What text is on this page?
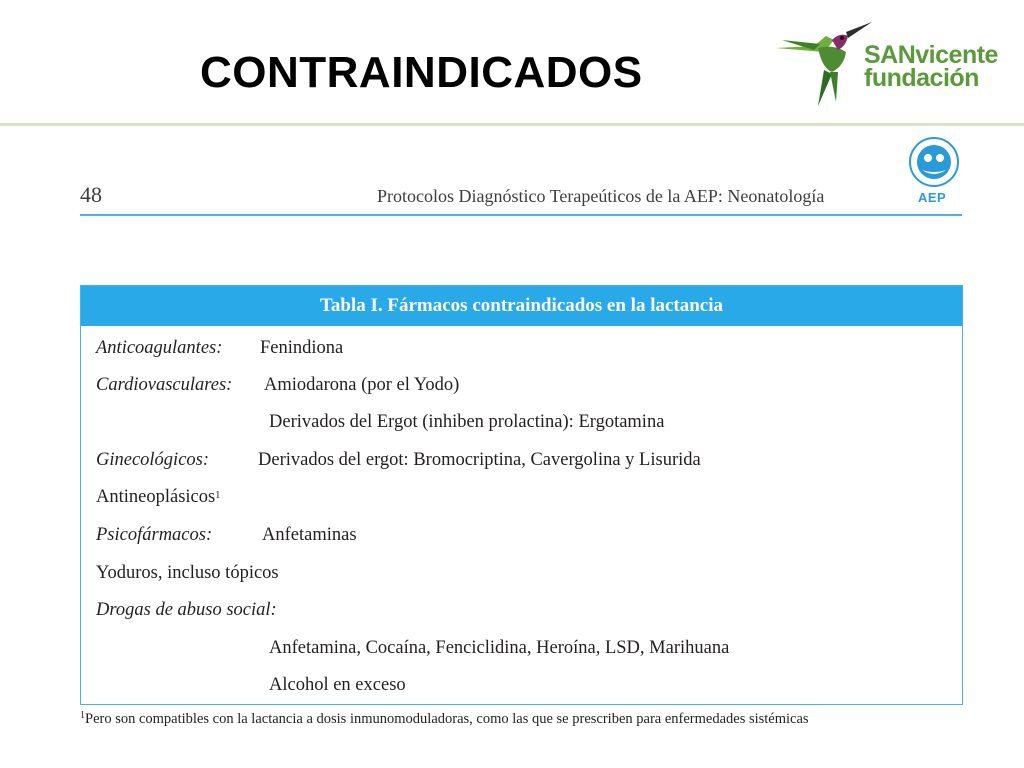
CONTRAINDICADOS	SANvicente
fundación
AEP
48	Protocolos Diagnóstico Terapeúticos de la AEP: Neonatología
Tabla I. Fármacos contraindicados en la lactancia
Anticoagulantes: Fenindiona
Cardiovasculares: Amiodarona (por el Yodo)
Derivados del Ergot (inhiben prolactina): Ergotamina
Ginecológicos:	Derivados del ergot: Bromocriptina, Cavergolina y Lisurida
Antineoplásicos$^1$
Psicofármacos:	Anfetaminas
Yoduros, incluso tópicos
Drogas de abuso social:
Anfetamina, Cocaína, Fenciclidina, Heroína, LSD, Marihuana
Alcohol en exceso
$^1$Pero son compatibles con la lactancia a dosis inmunomoduladoras, como las que se prescriben para enfermedades sistémicas
